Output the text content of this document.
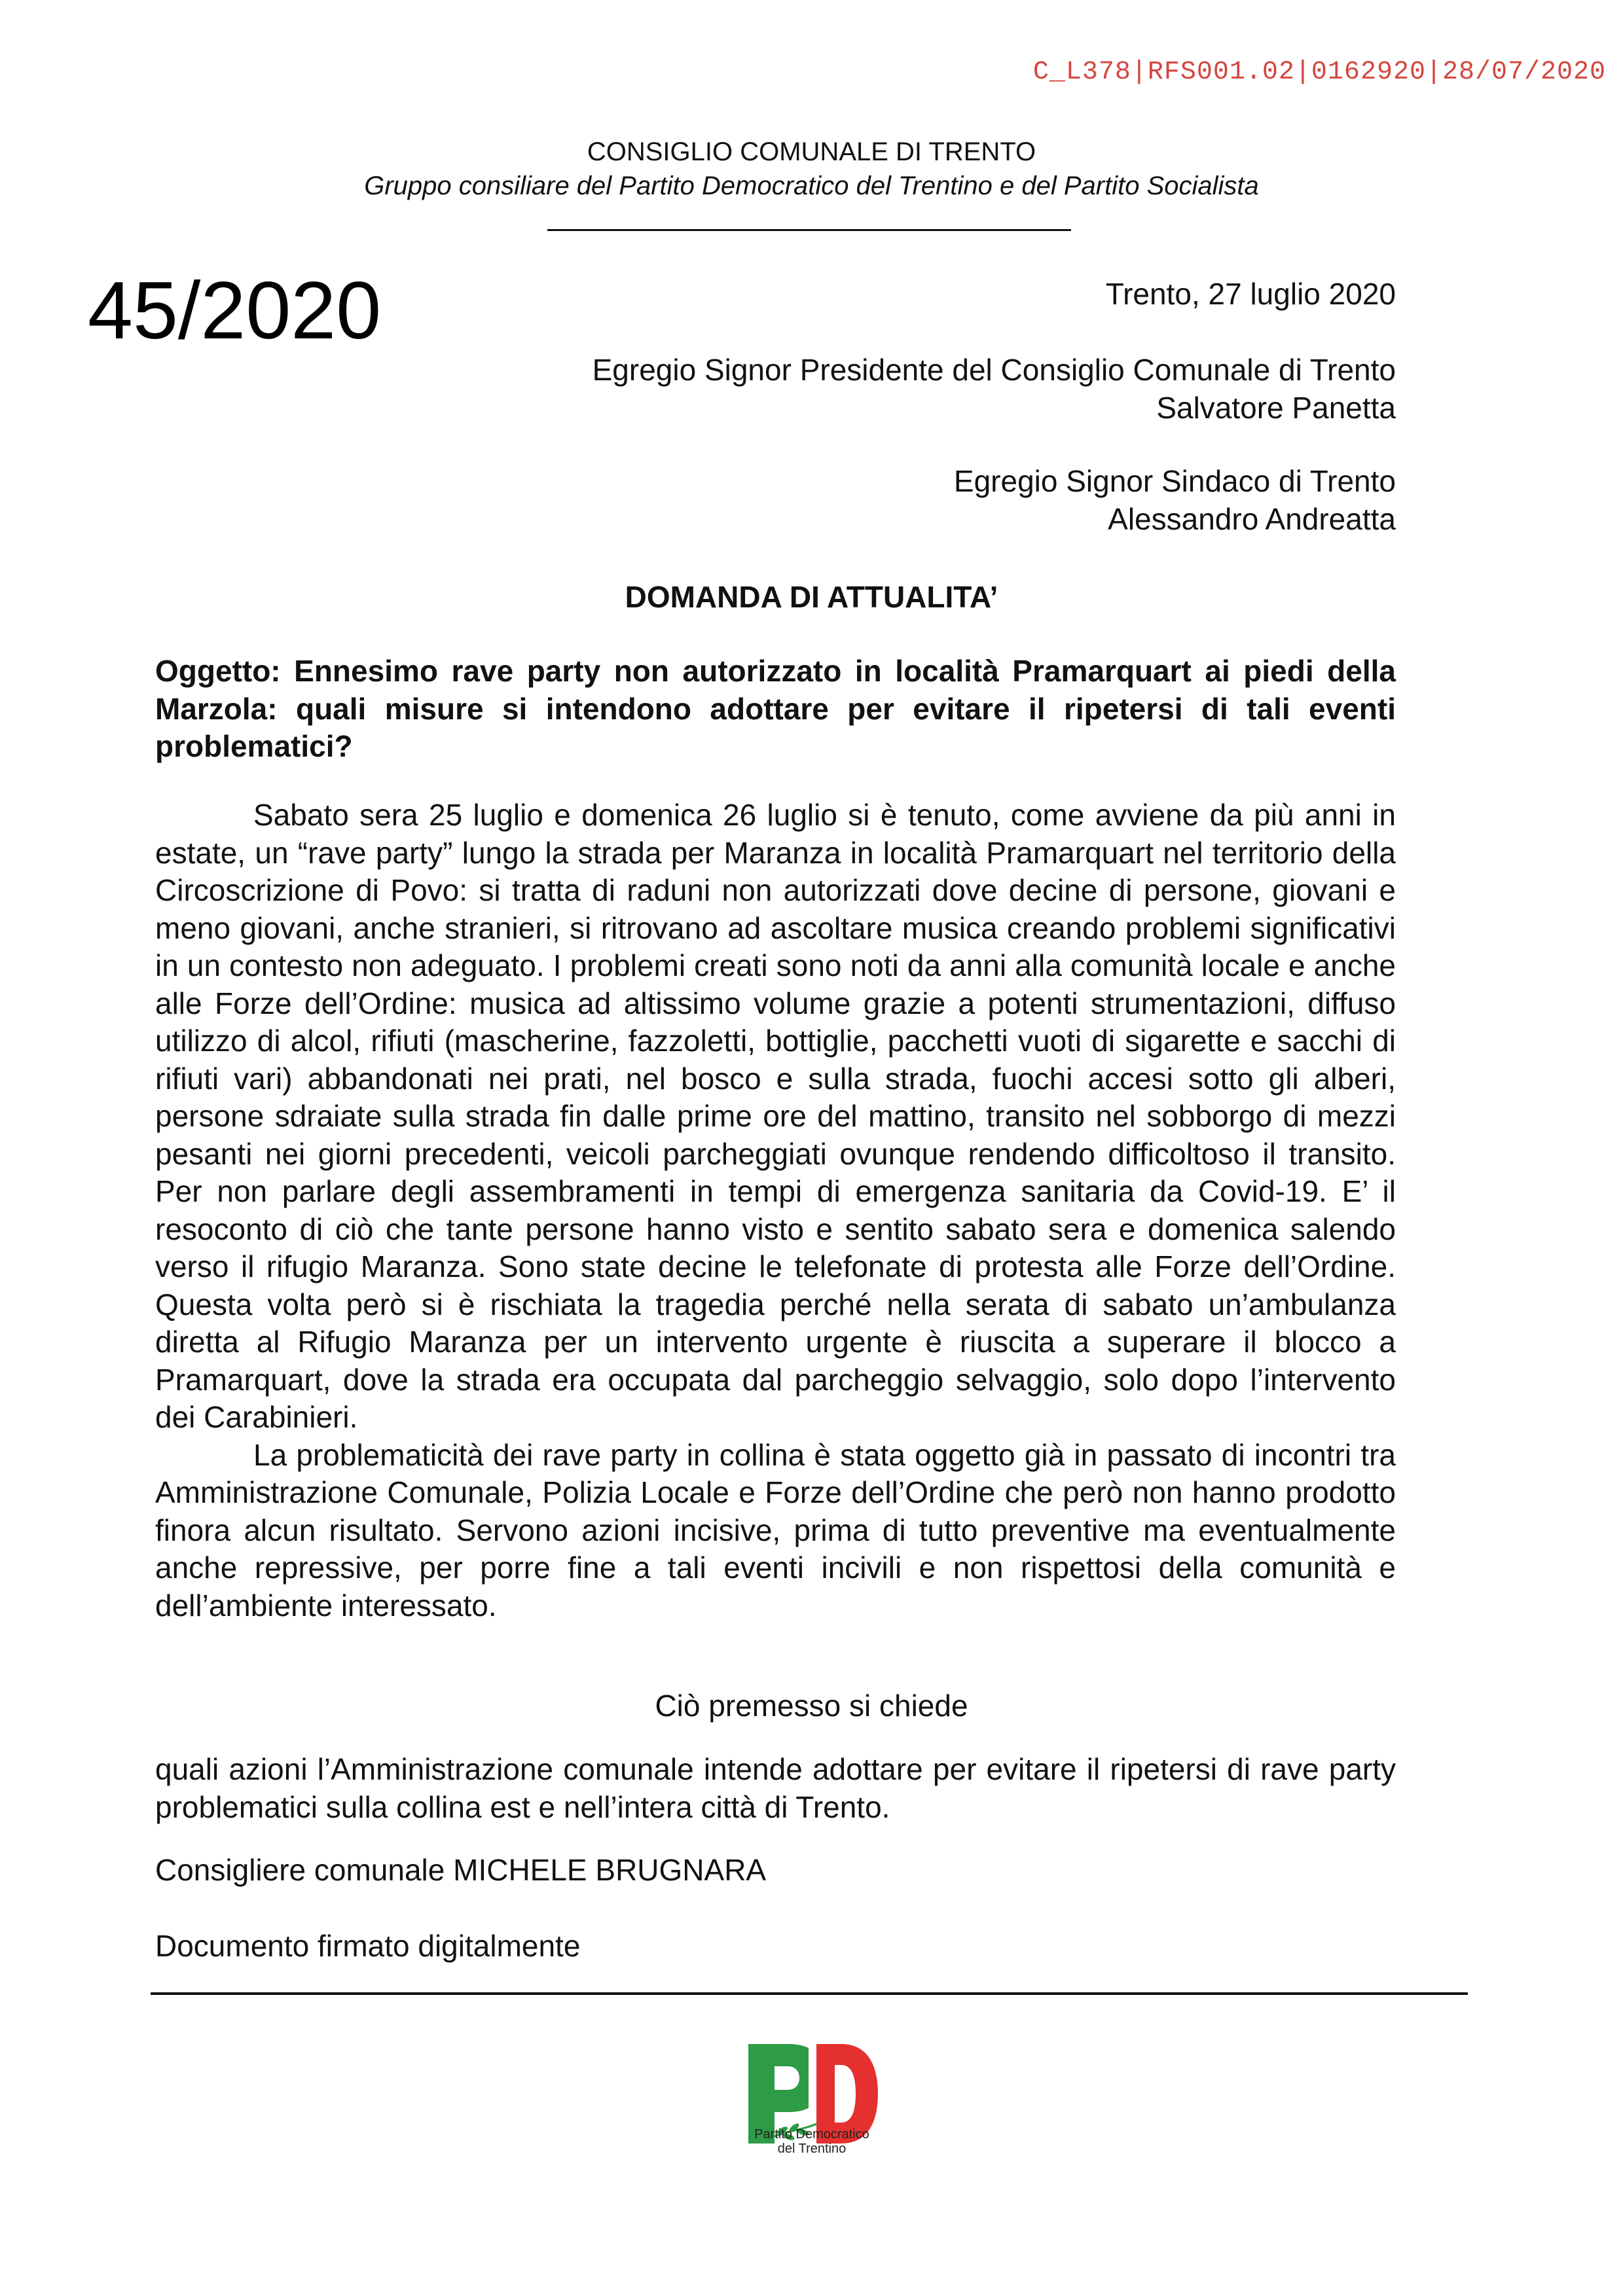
C_L378|RFS001.02|0162920|28/07/2020
CONSIGLIO COMUNALE DI TRENTO
Gruppo consiliare del Partito Democratico del Trentino e del Partito Socialista
45/2020	Trento, 27 luglio 2020
Egregio Signor Presidente del Consiglio Comunale di Trento
Salvatore Panetta
Egregio Signor Sindaco di Trento
Alessandro Andreatta
DOMANDA DI ATTUALITA’
Oggetto: Ennesimo rave party non autorizzato in località Pramarquart ai piedi della Marzola: quali misure si intendono adottare per evitare il ripetersi di tali eventi problematici?

Sabato sera 25 luglio e domenica 26 luglio si è tenuto, come avviene da più anni in estate, un “rave party” lungo la strada per Maranza in località Pramarquart nel territorio della Circoscrizione di Povo: si tratta di raduni non autorizzati dove decine di persone, giovani e meno giovani, anche stranieri, si ritrovano ad ascoltare musica creando problemi significativi in un contesto non adeguato. I problemi creati sono noti da anni alla comunità locale e anche alle Forze dell’Ordine: musica ad altissimo volume grazie a potenti strumentazioni, diffuso utilizzo di alcol, rifiuti (mascherine, fazzoletti, bottiglie, pacchetti vuoti di sigarette e sacchi di rifiuti vari) abbandonati nei prati, nel bosco e sulla strada, fuochi accesi sotto gli alberi, persone sdraiate sulla strada fin dalle prime ore del mattino, transito nel sobborgo di mezzi pesanti nei giorni precedenti, veicoli parcheggiati ovunque rendendo difficoltoso il transito. Per non parlare degli assembramenti in tempi di emergenza sanitaria da Covid-19. E’ il resoconto di ciò che tante persone hanno visto e sentito sabato sera e domenica salendo verso il rifugio Maranza. Sono state decine le telefonate di protesta alle Forze dell’Ordine. Questa volta però si è rischiata la tragedia perché nella serata di sabato un’ambulanza diretta al Rifugio Maranza per un intervento urgente è riuscita a superare il blocco a Pramarquart, dove la strada era occupata dal parcheggio selvaggio, solo dopo l’intervento dei Carabinieri.

La problematicità dei rave party in collina è stata oggetto già in passato di incontri tra Amministrazione Comunale, Polizia Locale e Forze dell’Ordine che però non hanno prodotto finora alcun risultato. Servono azioni incisive, prima di tutto preventive ma eventualmente anche repressive, per porre fine a tali eventi incivili e non rispettosi della comunità e dell’ambiente interessato.

Ciò premesso si chiede
quali azioni l’Amministrazione comunale intende adottare per evitare il ripetersi di rave party problematici sulla collina est e nell’intera città di Trento.
Consigliere comunale MICHELE BRUGNARA
Documento firmato digitalmente
Partito Democratico
del Trentino
